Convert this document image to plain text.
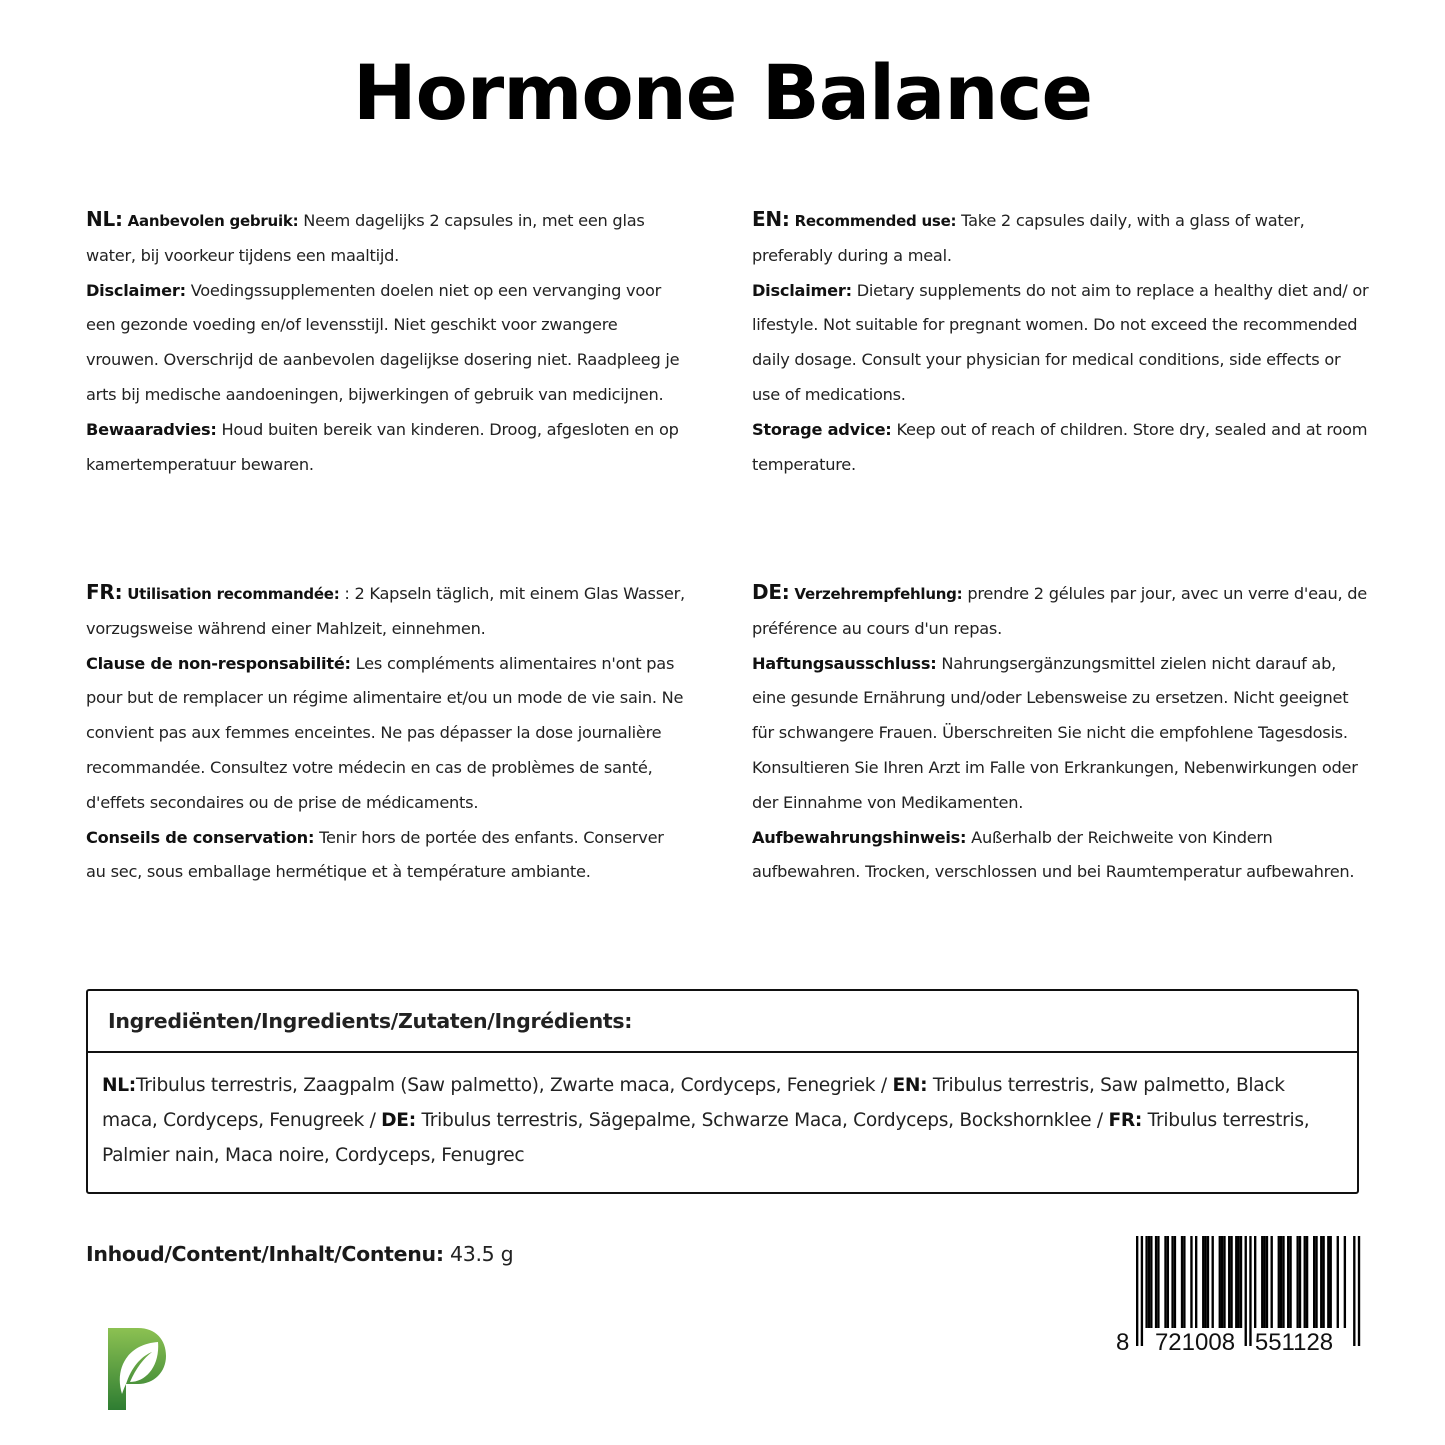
Hormone Balance

NL: Aanbevolen gebruik: Neem dagelijks 2 capsules in, met een glas water, bij voorkeur tijdens een maaltijd.

Disclaimer: Voedingssupplementen doelen niet op een vervanging voor een gezonde voeding en/of levensstijl. Niet geschikt voor zwangere vrouwen. Overschrijd de aanbevolen dagelijkse dosering niet. Raadpleeg je arts bij medische aandoeningen, bijwerkingen of gebruik van medicijnen.

Bewaaradvies: Houd buiten bereik van kinderen. Droog, afgesloten en op kamertemperatuur bewaren.

EN: Recommended use: Take 2 capsules daily, with a glass of water, preferably during a meal.

Disclaimer: Dietary supplements do not aim to replace a healthy diet and/ or lifestyle. Not suitable for pregnant women. Do not exceed the recommended daily dosage. Consult your physician for medical conditions, side effects or use of medications.

Storage advice: Keep out of reach of children. Store dry, sealed and at room temperature.

FR: Utilisation recommandée: : 2 Kapseln täglich, mit einem Glas Wasser, vorzugsweise während einer Mahlzeit, einnehmen.

Clause de non-responsabilité: Les compléments alimentaires n'ont pas pour but de remplacer un régime alimentaire et/ou un mode de vie sain. Ne convient pas aux femmes enceintes. Ne pas dépasser la dose journalière recommandée. Consultez votre médecin en cas de problèmes de santé, d'effets secondaires ou de prise de médicaments.

Conseils de conservation: Tenir hors de portée des enfants. Conserver au sec, sous emballage hermétique et à température ambiante.

DE: Verzehrempfehlung: prendre 2 gélules par jour, avec un verre d'eau, de préférence au cours d'un repas.

Haftungsausschluss: Nahrungsergänzungsmittel zielen nicht darauf ab, eine gesunde Ernährung und/oder Lebensweise zu ersetzen. Nicht geeignet für schwangere Frauen. Überschreiten Sie nicht die empfohlene Tagesdosis. Konsultieren Sie Ihren Arzt im Falle von Erkrankungen, Nebenwirkungen oder der Einnahme von Medikamenten.

Aufbewahrungshinweis: Außerhalb der Reichweite von Kindern aufbewahren. Trocken, verschlossen und bei Raumtemperatur aufbewahren.

Ingrediënten/Ingredients/Zutaten/Ingrédients:
NL:Tribulus terrestris, Zaagpalm (Saw palmetto), Zwarte maca, Cordyceps, Fenegriek / EN: Tribulus terrestris, Saw palmetto, Black maca, Cordyceps, Fenugreek / DE: Tribulus terrestris, Sägepalme, Schwarze Maca, Cordyceps, Bockshornklee / FR: Tribulus terrestris, Palmier nain, Maca noire, Cordyceps, Fenugrec
Inhoud/Content/Inhalt/Contenu: 43.5 g
8 721008 551128
